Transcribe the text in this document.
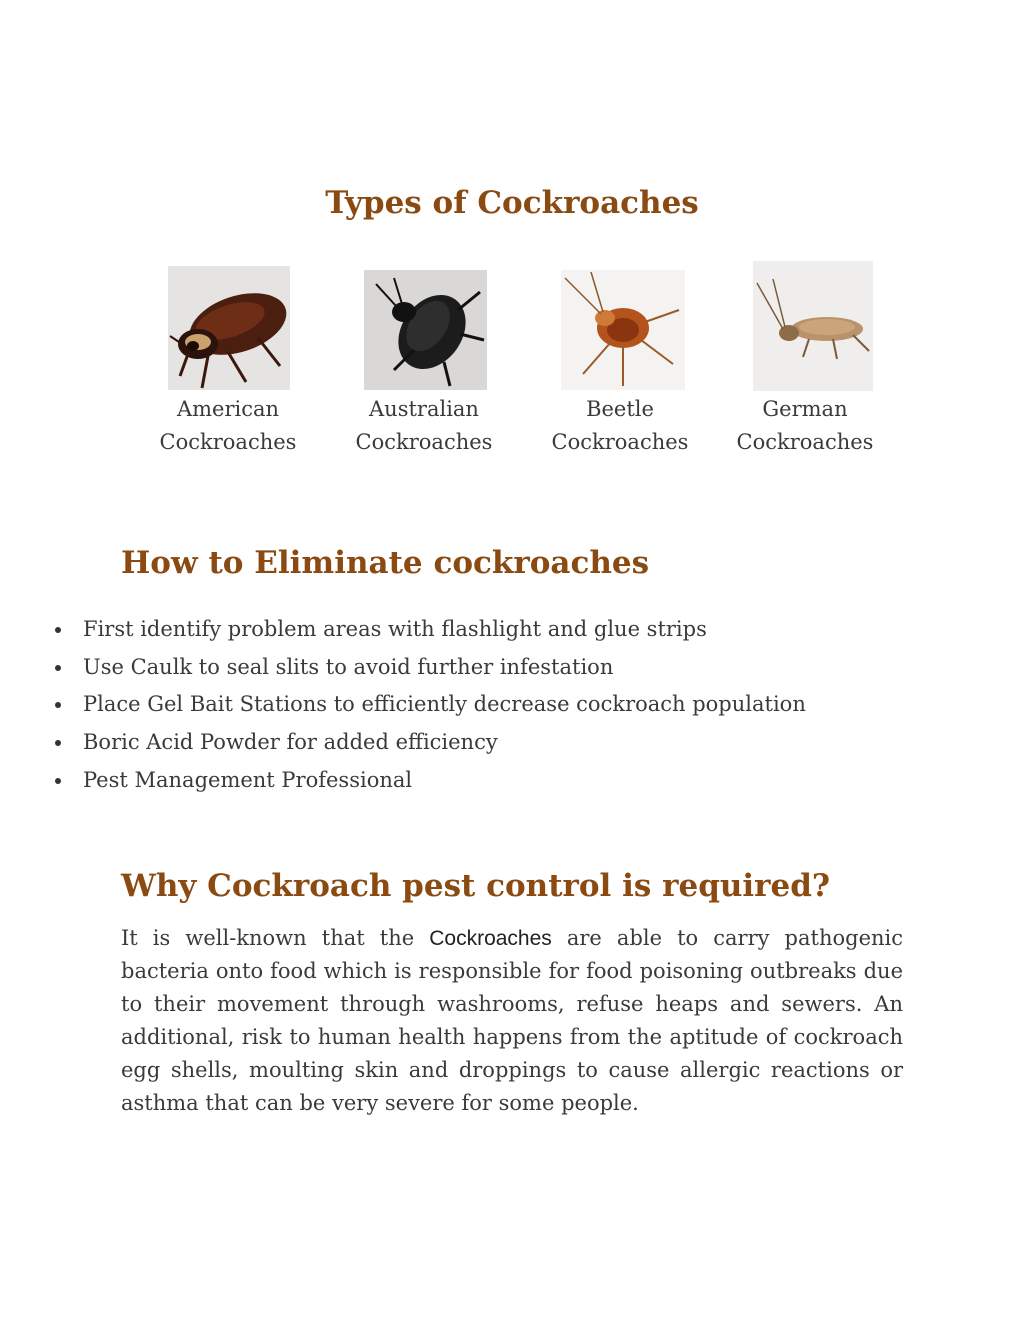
Types of Cockroaches
American
Cockroaches
Australian
Cockroaches
Beetle
Cockroaches
German
Cockroaches
How to Eliminate cockroaches
First identify problem areas with flashlight and glue strips
Use Caulk to seal slits to avoid further infestation
Place Gel Bait Stations to efficiently decrease cockroach population
Boric Acid Powder for added efficiency
Pest Management Professional
Why Cockroach pest control is required?

It is well-known that the Cockroaches are able to carry pathogenic bacteria onto food which is responsible for food poisoning outbreaks due to their movement through washrooms, refuse heaps and sewers. An additional, risk to human health happens from the aptitude of cockroach egg shells, moulting skin and droppings to cause allergic reactions or asthma that can be very severe for some people.
